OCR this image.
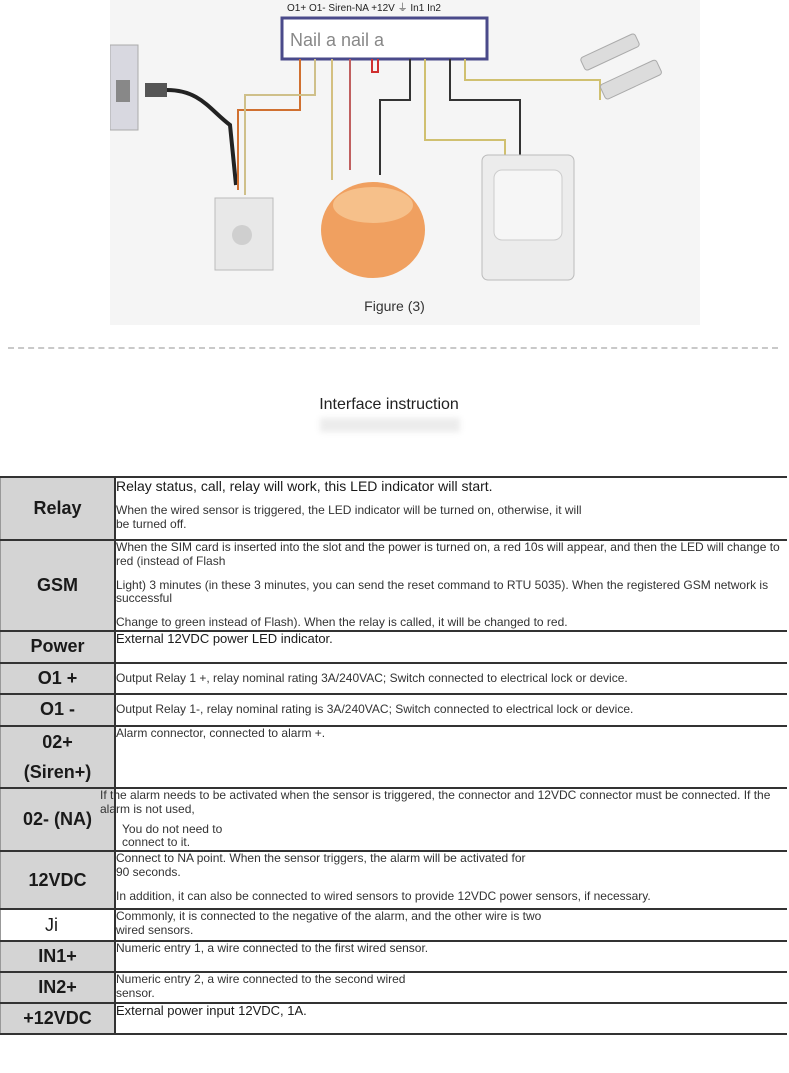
O1+ O1- Siren-NA +12V ⏚ In1 In2
Nail a nail a
Figure (3)
Interface instruction
Relay	Relay status, call, relay will work, this LED indicator will start.
When the wired sensor is triggered, the LED indicator will be turned on, otherwise, it will
be turned off.

GSM	When the SIM card is inserted into the slot and the power is turned on, a red 10s will appear, and then the LED will change to
red (instead of Flash
Light) 3 minutes (in these 3 minutes, you can send the reset command to RTU 5035). When the registered GSM network is
successful
Change to green instead of Flash). When the relay is called, it will be changed to red.

Power	External 12VDC power LED indicator.

O1 +	Output Relay 1 +, relay nominal rating 3A/240VAC; Switch connected to electrical lock or device.

O1 -	Output Relay 1-, relay nominal rating is 3A/240VAC; Switch connected to electrical lock or device.

02+
(Siren+)	Alarm connector, connected to alarm +.

02- (NA)	If the alarm needs to be activated when the sensor is triggered, the connector and 12VDC connector must be connected. If the
alarm is not used,
You do not need to
connect to it.

12VDC	Connect to NA point. When the sensor triggers, the alarm will be activated for
90 seconds.
In addition, it can also be connected to wired sensors to provide 12VDC power sensors, if necessary.

Ji	Commonly, it is connected to the negative of the alarm, and the other wire is two
wired sensors.

IN1+	Numeric entry 1, a wire connected to the first wired sensor.

IN2+	Numeric entry 2, a wire connected to the second wired
sensor.

+12VDC	External power input 12VDC, 1A.
